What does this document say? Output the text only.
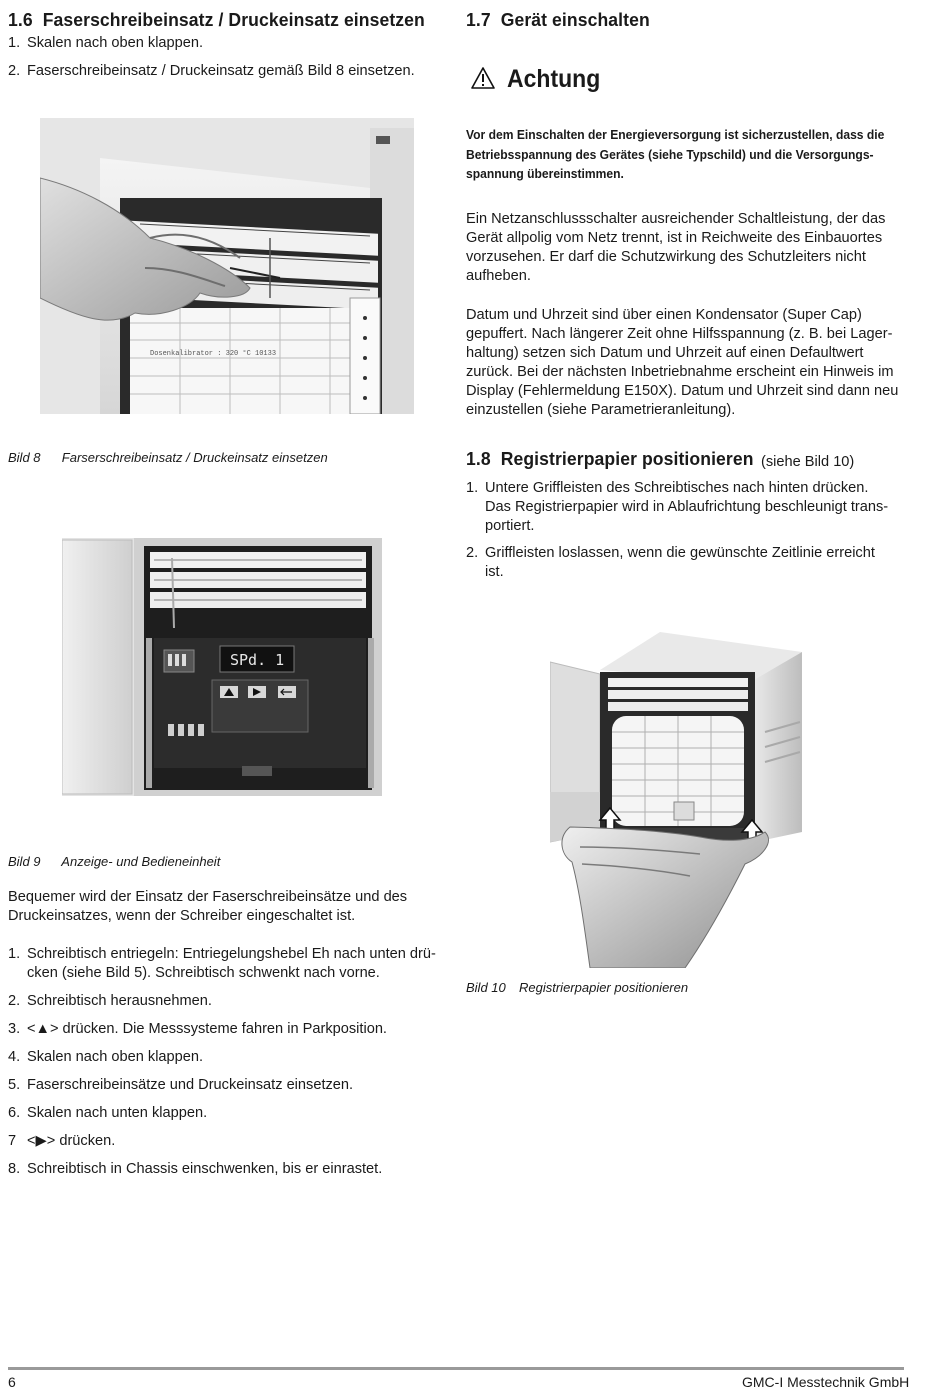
1.6 Faserschreibeinsatz / Druckeinsatz einsetzen
1. Skalen nach oben klappen.
2. Faserschreibeinsatz / Druckeinsatz gemäß Bild 8 einsetzen.
Dosenkalibrator : 320 °C 10133
Bild 8 Farserschreibeinsatz / Druckeinsatz einsetzen
SPd. 1
Bild 9 Anzeige- und Bedieneinheit
Bequemer wird der Einsatz der Faserschreibeinsätze und des
Druckeinsatzes, wenn der Schreiber eingeschaltet ist.
1. Schreibtisch entriegeln: Entriegelungshebel Eh nach unten drü-
cken (siehe Bild 5). Schreibtisch schwenkt nach vorne.
2. Schreibtisch herausnehmen.
3. <▲> drücken. Die Messsysteme fahren in Parkposition.
4. Skalen nach oben klappen.
5. Faserschreibeinsätze und Druckeinsatz einsetzen.
6. Skalen nach unten klappen.
7 <▶> drücken.
8. Schreibtisch in Chassis einschwenken, bis er einrastet.
1.7 Gerät einschalten
Achtung
Vor dem Einschalten der Energieversorgung ist sicherzustellen, dass die
Betriebsspannung des Gerätes (siehe Typschild) und die Versorgungs-
spannung übereinstimmen.
Ein Netzanschlussschalter ausreichender Schaltleistung, der das
Gerät allpolig vom Netz trennt, ist in Reichweite des Einbauortes
vorzusehen. Er darf die Schutzwirkung des Schutzleiters nicht
aufheben.
Datum und Uhrzeit sind über einen Kondensator (Super Cap)
gepuffert. Nach längerer Zeit ohne Hilfsspannung (z. B. bei Lager-
haltung) setzen sich Datum und Uhrzeit auf einen Defaultwert
zurück. Bei der nächsten Inbetriebnahme erscheint ein Hinweis im
Display (Fehlermeldung E150X). Datum und Uhrzeit sind dann neu
einzustellen (siehe Parametrieranleitung).
1.8 Registrierpapier positionieren (siehe Bild 10)
1. Untere Griffleisten des Schreibtisches nach hinten drücken.
Das Registrierpapier wird in Ablaufrichtung beschleunigt trans-
portiert.
2. Griffleisten loslassen, wenn die gewünschte Zeitlinie erreicht
ist.
Bild 10 Registrierpapier positionieren
6	GMC-I Messtechnik GmbH
